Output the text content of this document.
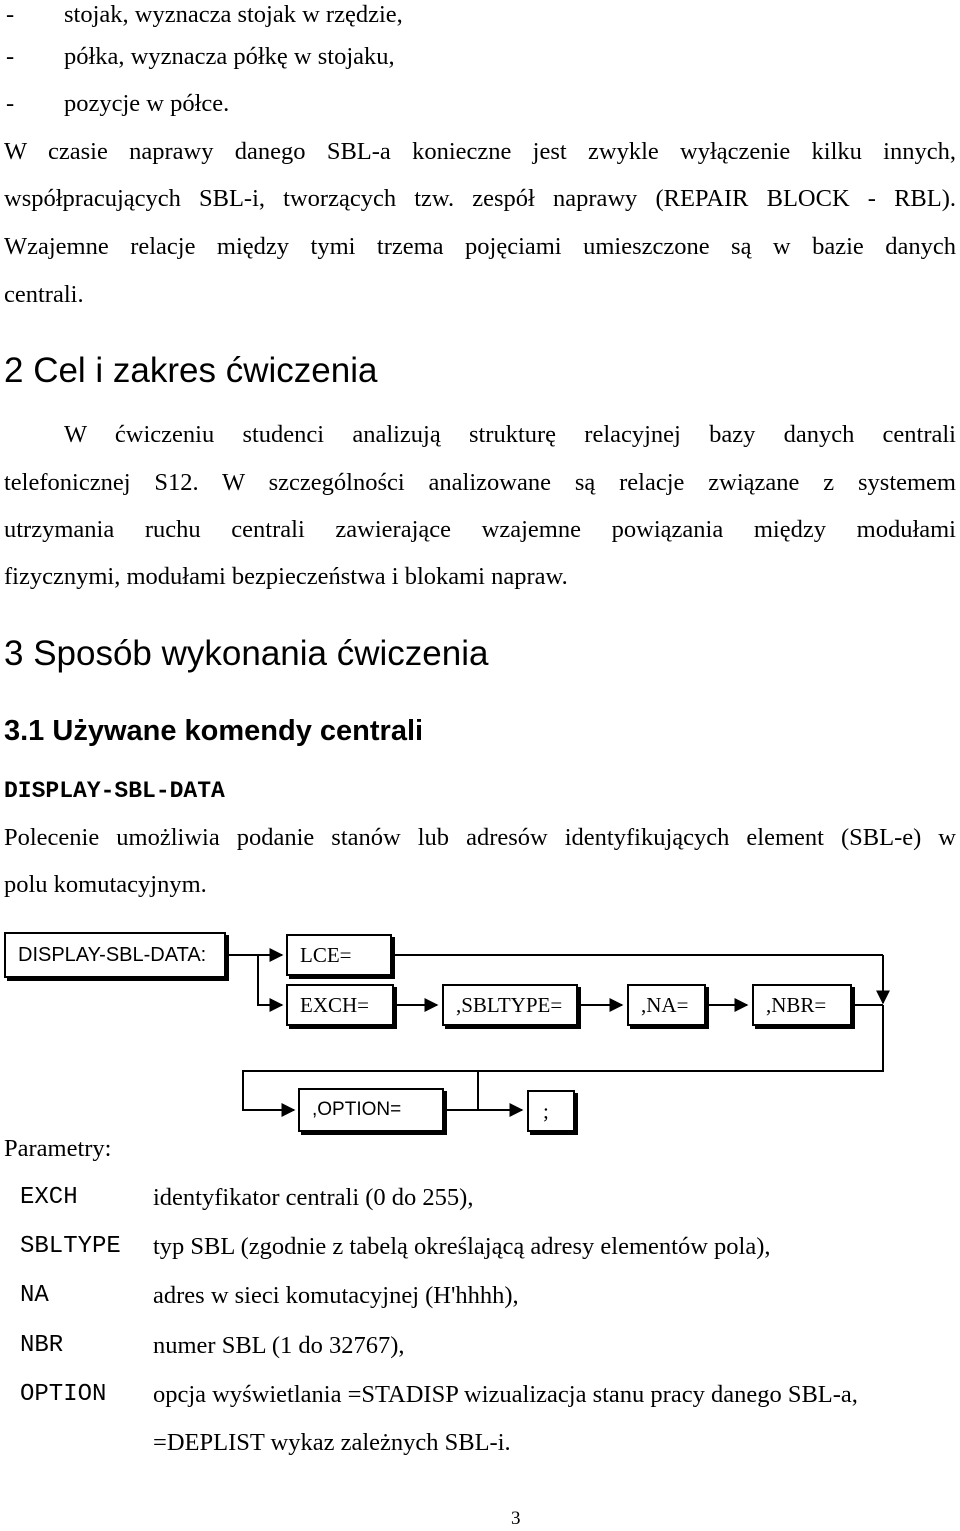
- stojak, wyznacza stojak w rzędzie,
- półka, wyznacza półkę w stojaku,
- pozycje w półce.
W czasie naprawy danego SBL-a konieczne jest zwykle wyłączenie kilku innych,
współpracujących SBL-i, tworzących tzw. zespół naprawy (REPAIR BLOCK - RBL).
Wzajemne relacje między tymi trzema pojęciami umieszczone są w bazie danych
centrali.
2 Cel i zakres ćwiczenia
W ćwiczeniu studenci analizują strukturę relacyjnej bazy danych centrali
telefonicznej S12. W szczególności analizowane są relacje związane z systemem
utrzymania ruchu centrali zawierające wzajemne powiązania między modułami
fizycznymi, modułami bezpieczeństwa i blokami napraw.
3 Sposób wykonania ćwiczenia
3.1 Używane komendy centrali
DISPLAY-SBL-DATA
Polecenie umożliwia podanie stanów lub adresów identyfikujących element (SBL-e) w
polu komutacyjnym.
DISPLAY-SBL-DATA:	LCE=
EXCH=	,SBLTYPE=	,NA=	,NBR=
,OPTION=	;
Parametry:
EXCH	identyfikator centrali (0 do 255),
SBLTYPE typ SBL (zgodnie z tabelą określającą adresy elementów pola),
NA	adres w sieci komutacyjnej (H'hhhh),
NBR	numer SBL (1 do 32767),
OPTION opcja wyświetlania =STADISP wizualizacja stanu pracy danego SBL-a,
=DEPLIST wykaz zależnych SBL-i.
3
